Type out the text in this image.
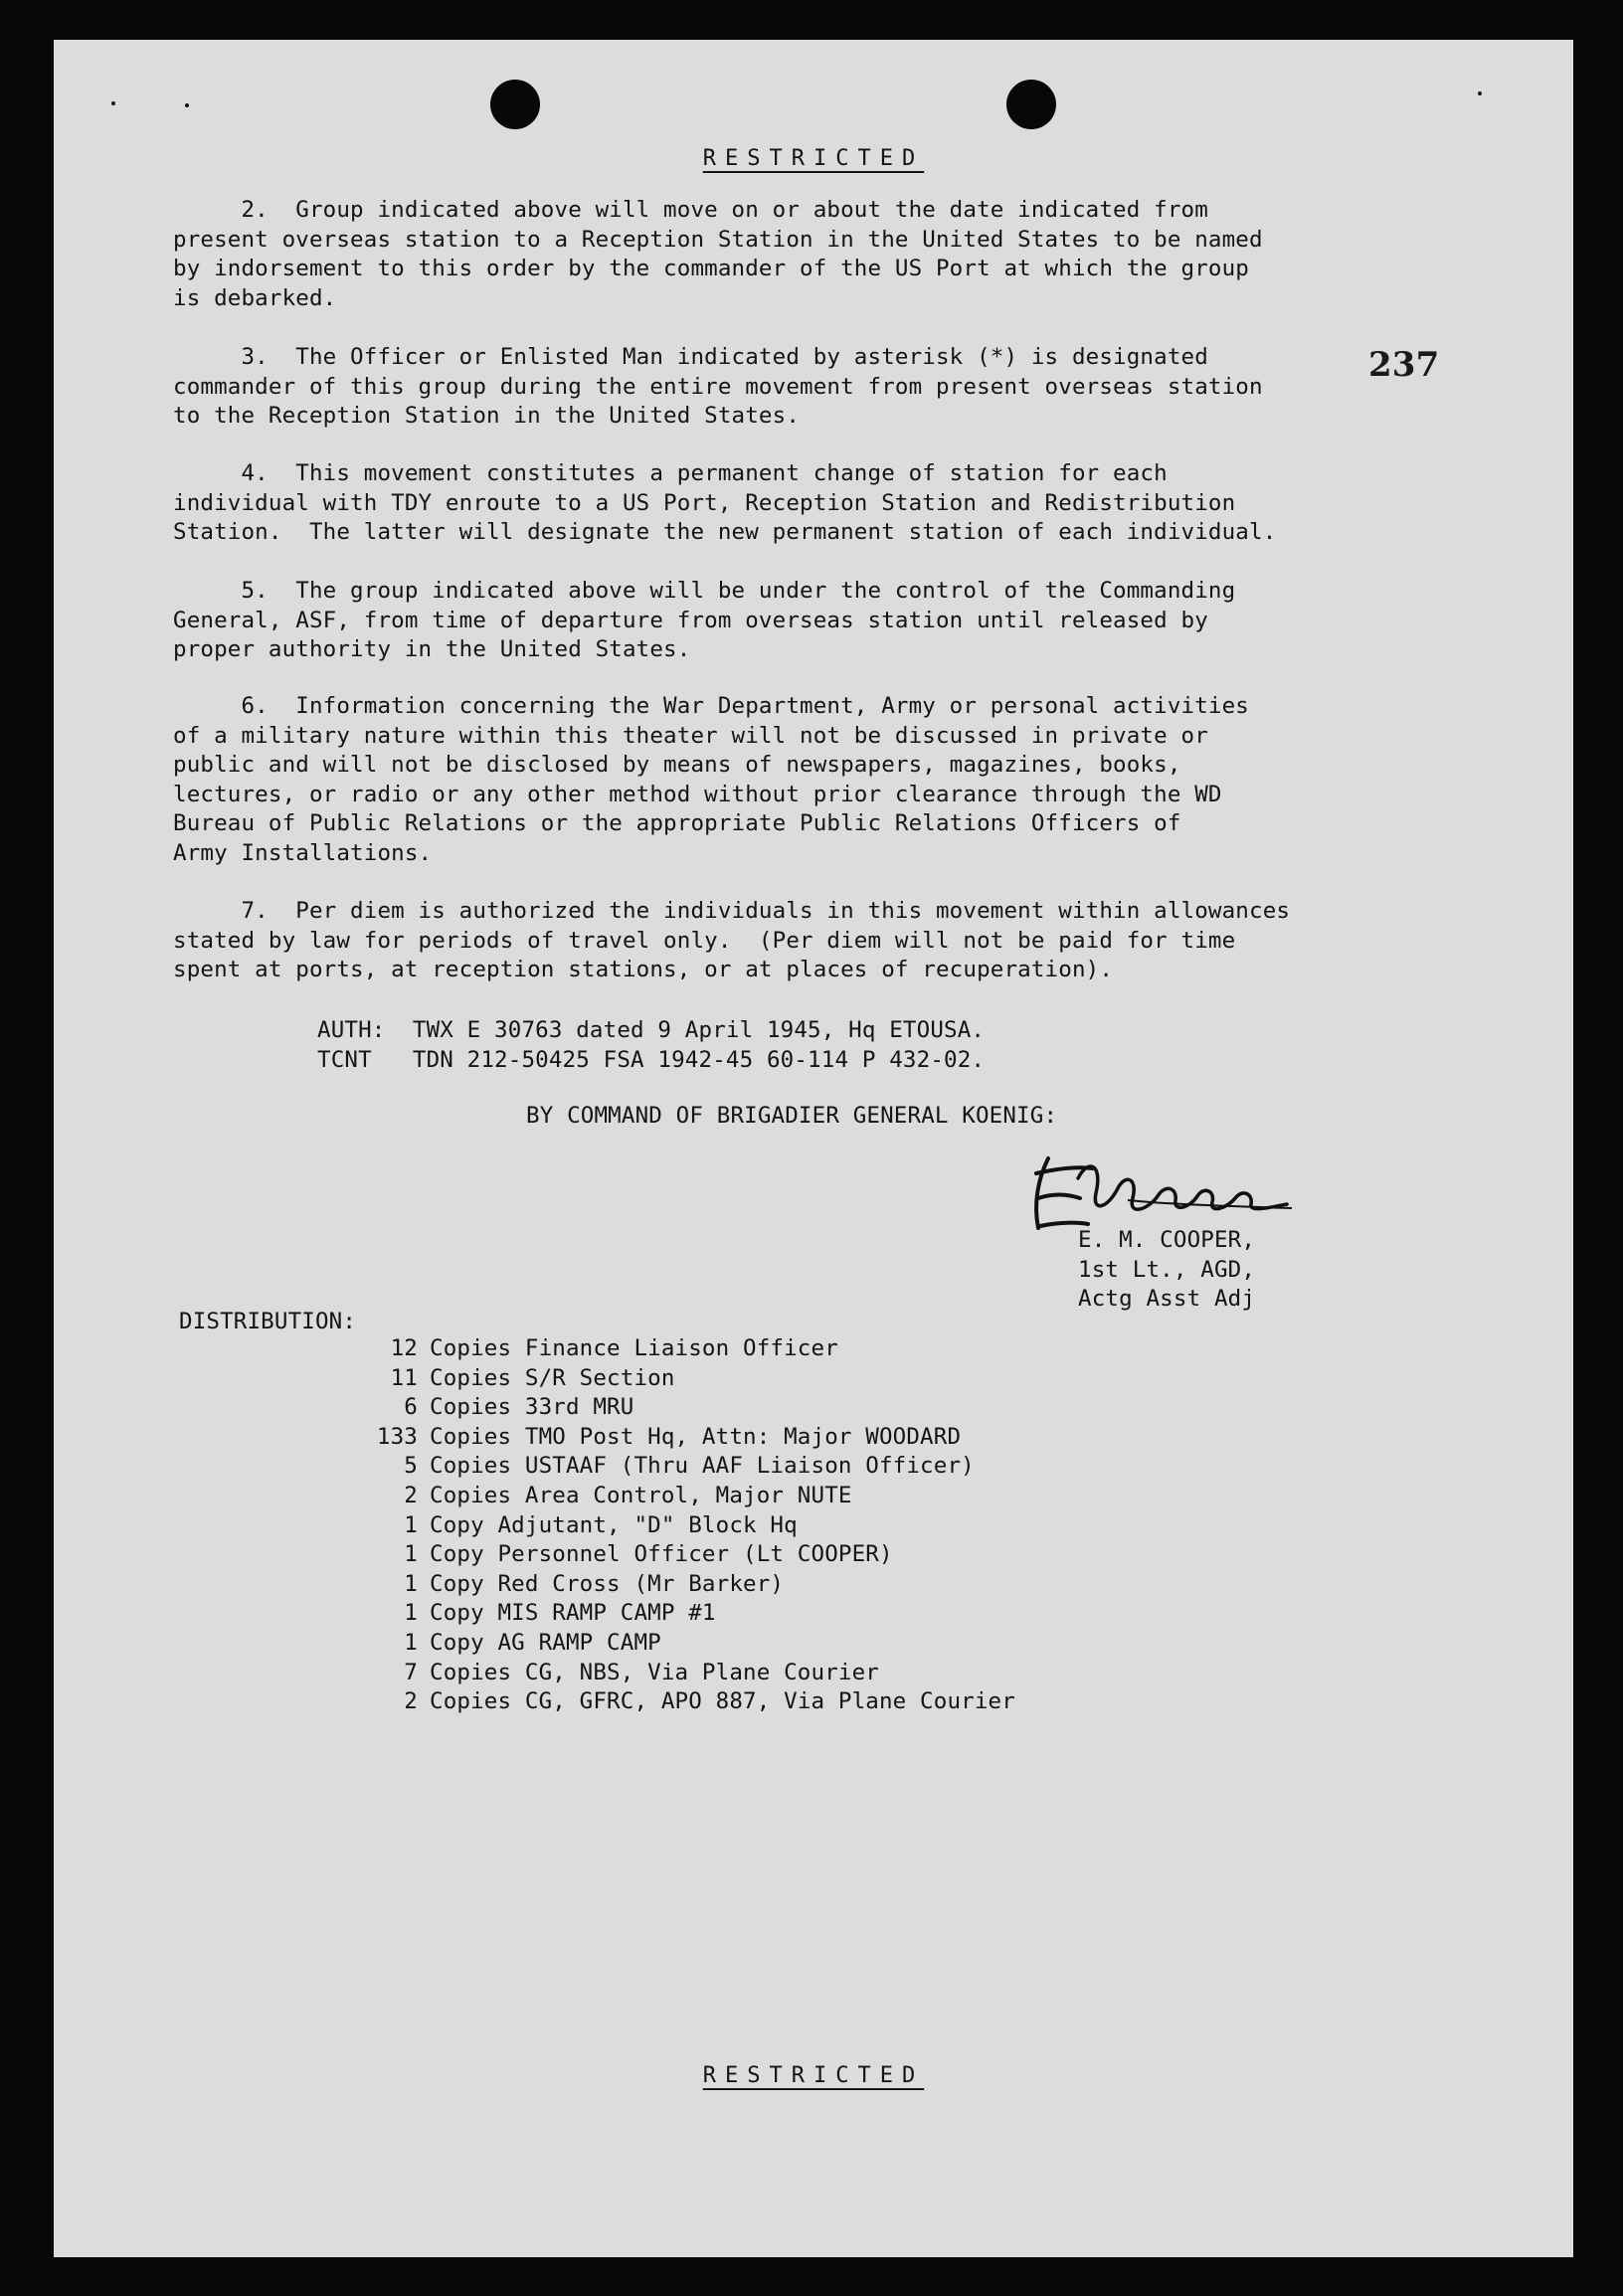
RESTRICTED
237
2.  Group indicated above will move on or about the date indicated from
present overseas station to a Reception Station in the United States to be named
by indorsement to this order by the commander of the US Port at which the group
is debarked.
3.  The Officer or Enlisted Man indicated by asterisk (*) is designated
commander of this group during the entire movement from present overseas station
to the Reception Station in the United States.
4.  This movement constitutes a permanent change of station for each
individual with TDY enroute to a US Port, Reception Station and Redistribution
Station.  The latter will designate the new permanent station of each individual.
5.  The group indicated above will be under the control of the Commanding
General, ASF, from time of departure from overseas station until released by
proper authority in the United States.
6.  Information concerning the War Department, Army or personal activities
of a military nature within this theater will not be discussed in private or
public and will not be disclosed by means of newspapers, magazines, books,
lectures, or radio or any other method without prior clearance through the WD
Bureau of Public Relations or the appropriate Public Relations Officers of
Army Installations.
7.  Per diem is authorized the individuals in this movement within allowances
stated by law for periods of travel only.  (Per diem will not be paid for time
spent at ports, at reception stations, or at places of recuperation).
AUTH:  TWX E 30763 dated 9 April 1945, Hq ETOUSA.
TCNT   TDN 212-50425 FSA 1942-45 60-114 P 432-02.
BY COMMAND OF BRIGADIER GENERAL KOENIG:
E. M. COOPER,
1st Lt., AGD,
Actg Asst Adj
DISTRIBUTION:
12 Copies Finance Liaison Officer
11 Copies S/R Section
6 Copies 33rd MRU
133 Copies TMO Post Hq, Attn: Major WOODARD
5 Copies USTAAF (Thru AAF Liaison Officer)
2 Copies Area Control, Major NUTE
1 Copy Adjutant, "D" Block Hq
1 Copy Personnel Officer (Lt COOPER)
1 Copy Red Cross (Mr Barker)
1 Copy MIS RAMP CAMP #1
1 Copy AG RAMP CAMP
7 Copies CG, NBS, Via Plane Courier
2 Copies CG, GFRC, APO 887, Via Plane Courier
RESTRICTED
